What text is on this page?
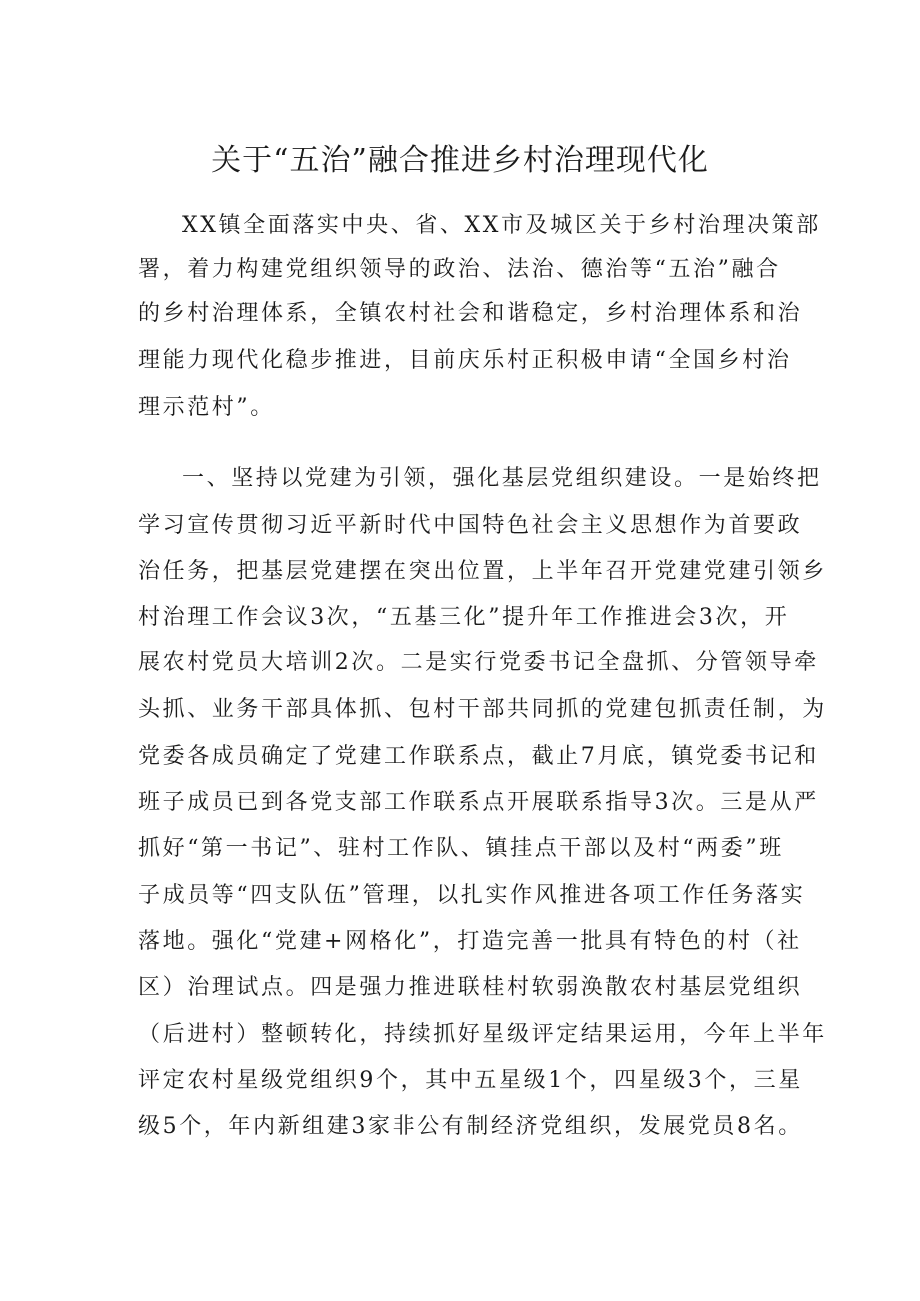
关于“五治”融合推进乡村治理现代化
XX镇全面落实中央、省、XX市及城区关于乡村治理决策部
署，着力构建党组织领导的政治、法治、德治等“五治”融合
的乡村治理体系，全镇农村社会和谐稳定，乡村治理体系和治
理能力现代化稳步推进，目前庆乐村正积极申请“全国乡村治
理示范村”。
一、坚持以党建为引领，强化基层党组织建设。一是始终把
学习宣传贯彻习近平新时代中国特色社会主义思想作为首要政
治任务，把基层党建摆在突出位置，上半年召开党建党建引领乡
村治理工作会议3次，“五基三化”提升年工作推进会3次，开
展农村党员大培训2次。二是实行党委书记全盘抓、分管领导牵
头抓、业务干部具体抓、包村干部共同抓的党建包抓责任制，为
党委各成员确定了党建工作联系点，截止7月底，镇党委书记和
班子成员已到各党支部工作联系点开展联系指导3次。三是从严
抓好“第一书记”、驻村工作队、镇挂点干部以及村“两委”班
子成员等“四支队伍”管理，以扎实作风推进各项工作任务落实
落地。强化“党建+网格化”，打造完善一批具有特色的村（社
区）治理试点。四是强力推进联桂村软弱涣散农村基层党组织
（后进村）整顿转化，持续抓好星级评定结果运用，今年上半年
评定农村星级党组织9个，其中五星级1个，四星级3个，三星
级5个，年内新组建3家非公有制经济党组织，发展党员8名。
